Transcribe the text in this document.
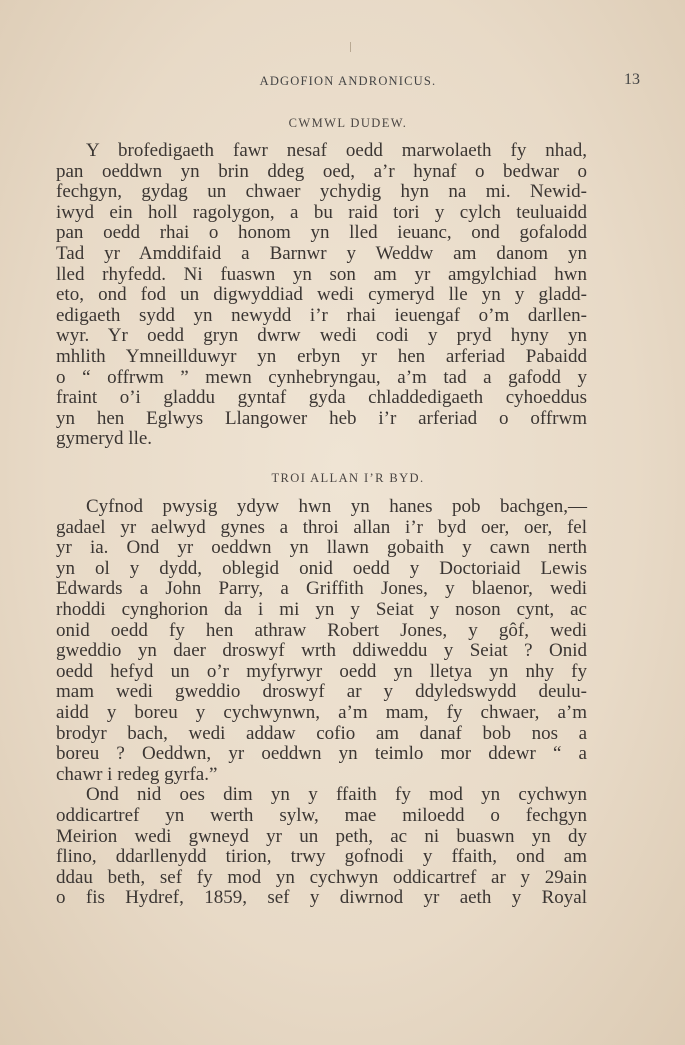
ADGOFION ANDRONICUS.	13
CWMWL DUDEW.
Y brofedigaeth fawr nesaf oedd marwolaeth fy nhad,
pan oeddwn yn brin ddeg oed, a’r hynaf o bedwar o
fechgyn, gydag un chwaer ychydig hyn na mi. Newid-
iwyd ein holl ragolygon, a bu raid tori y cylch teuluaidd
pan oedd rhai o honom yn lled ieuanc, ond gofalodd
Tad yr Amddifaid a Barnwr y Weddw am danom yn
lled rhyfedd. Ni fuaswn yn son am yr amgylchiad hwn
eto, ond fod un digwyddiad wedi cymeryd lle yn y gladd-
edigaeth sydd yn newydd i’r rhai ieuengaf o’m darllen-
wyr. Yr oedd gryn dwrw wedi codi y pryd hyny yn
mhlith Ymneillduwyr yn erbyn yr hen arferiad Pabaidd
o “ offrwm ” mewn cynhebryngau, a’m tad a gafodd y
fraint o’i gladdu gyntaf gyda chladdedigaeth cyhoeddus
yn hen Eglwys Llangower heb i’r arferiad o offrwm
gymeryd lle.
TROI ALLAN I’R BYD.
Cyfnod pwysig ydyw hwn yn hanes pob bachgen,—
gadael yr aelwyd gynes a throi allan i’r byd oer, oer, fel
yr ia. Ond yr oeddwn yn llawn gobaith y cawn nerth
yn ol y dydd, oblegid onid oedd y Doctoriaid Lewis
Edwards a John Parry, a Griffith Jones, y blaenor, wedi
rhoddi cynghorion da i mi yn y Seiat y noson cynt, ac
onid oedd fy hen athraw Robert Jones, y gôf, wedi
gweddio yn daer droswyf wrth ddiweddu y Seiat ? Onid
oedd hefyd un o’r myfyrwyr oedd yn lletya yn nhy fy
mam wedi gweddio droswyf ar y ddyledswydd deulu-
aidd y boreu y cychwynwn, a’m mam, fy chwaer, a’m
brodyr bach, wedi addaw cofio am danaf bob nos a
boreu ? Oeddwn, yr oeddwn yn teimlo mor ddewr “ a
chawr i redeg gyrfa.”
Ond nid oes dim yn y ffaith fy mod yn cychwyn
oddicartref yn werth sylw, mae miloedd o fechgyn
Meirion wedi gwneyd yr un peth, ac ni buaswn yn dy
flino, ddarllenydd tirion, trwy gofnodi y ffaith, ond am
ddau beth, sef fy mod yn cychwyn oddicartref ar y 29ain
o fis Hydref, 1859, sef y diwrnod yr aeth y Royal
